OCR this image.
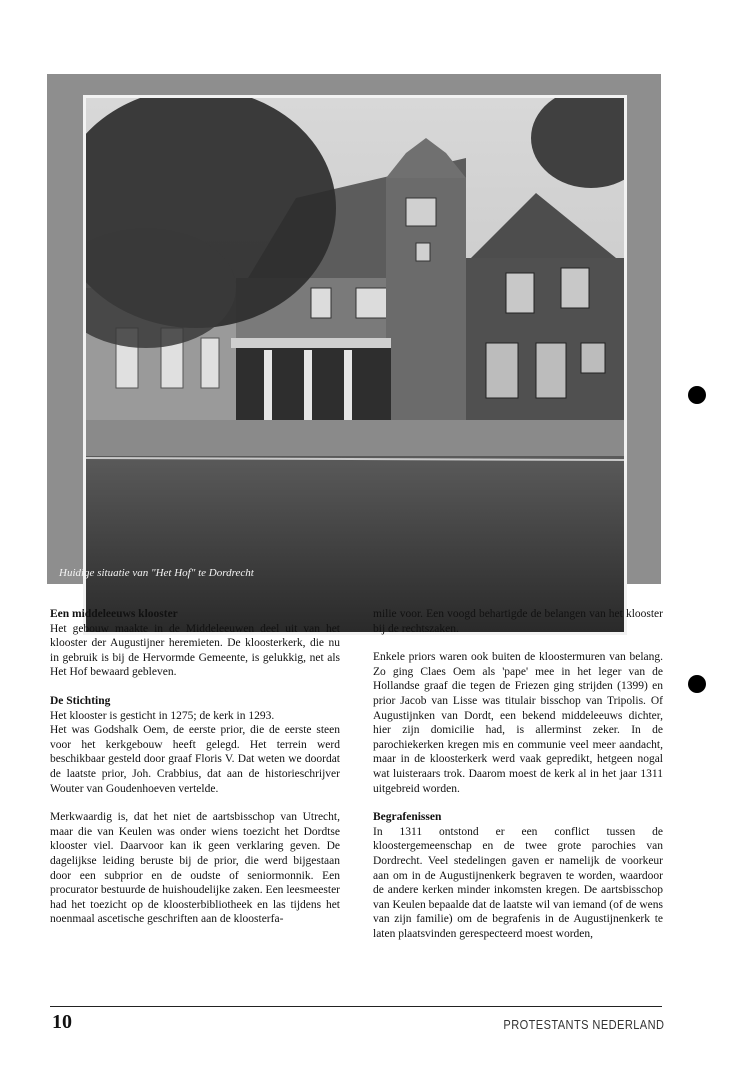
Huidige situatie van "Het Hof" te Dordrecht
Een middeleeuws klooster

Het gebouw maakte in de Middeleeuwen deel uit van het klooster der Augustijner heremieten. De kloosterkerk, die nu in gebruik is bij de Hervormde Gemeente, is gelukkig, net als Het Hof bewaard gebleven.

De Stichting

Het klooster is gesticht in 1275; de kerk in 1293.

Het was Godshalk Oem, de eerste prior, die de eerste steen voor het kerkgebouw heeft gelegd. Het terrein werd beschikbaar gesteld door graaf Floris V. Dat weten we doordat de laatste prior, Joh. Crabbius, dat aan de historieschrijver Wouter van Goudenhoeven vertelde.

Merkwaardig is, dat het niet de aartsbisschop van Utrecht, maar die van Keulen was onder wiens toezicht het Dordtse klooster viel. Daarvoor kan ik geen verklaring geven. De dagelijkse leiding beruste bij de prior, die werd bijgestaan door een subprior en de oudste of seniormonnik. Een procurator bestuurde de huishoudelijke zaken. Een leesmeester had het toezicht op de kloosterbibliotheek en las tijdens het noenmaal ascetische geschriften aan de kloosterfa-

milie voor. Een voogd behartigde de belangen van het klooster bij de rechtszaken.

Enkele priors waren ook buiten de kloostermuren van belang. Zo ging Claes Oem als 'pape' mee in het leger van de Hollandse graaf die tegen de Friezen ging strijden (1399) en prior Jacob van Lisse was titulair bisschop van Tripolis. Of Augustijnken van Dordt, een bekend middeleeuws dichter, hier zijn domicilie had, is allerminst zeker. In de parochiekerken kregen mis en communie veel meer aandacht, maar in de kloosterkerk werd vaak gepredikt, hetgeen nogal wat luisteraars trok. Daarom moest de kerk al in het jaar 1311 uitgebreid worden.

Begrafenissen

In 1311 ontstond er een conflict tussen de kloostergemeenschap en de twee grote parochies van Dordrecht. Veel stedelingen gaven er namelijk de voorkeur aan om in de Augustijnenkerk begraven te worden, waardoor de andere kerken minder inkomsten kregen. De aartsbisschop van Keulen bepaalde dat de laatste wil van iemand (of de wens van zijn familie) om de begrafenis in de Augustijnenkerk te laten plaatsvinden gerespecteerd moest worden,

10	PROTESTANTS NEDERLAND
